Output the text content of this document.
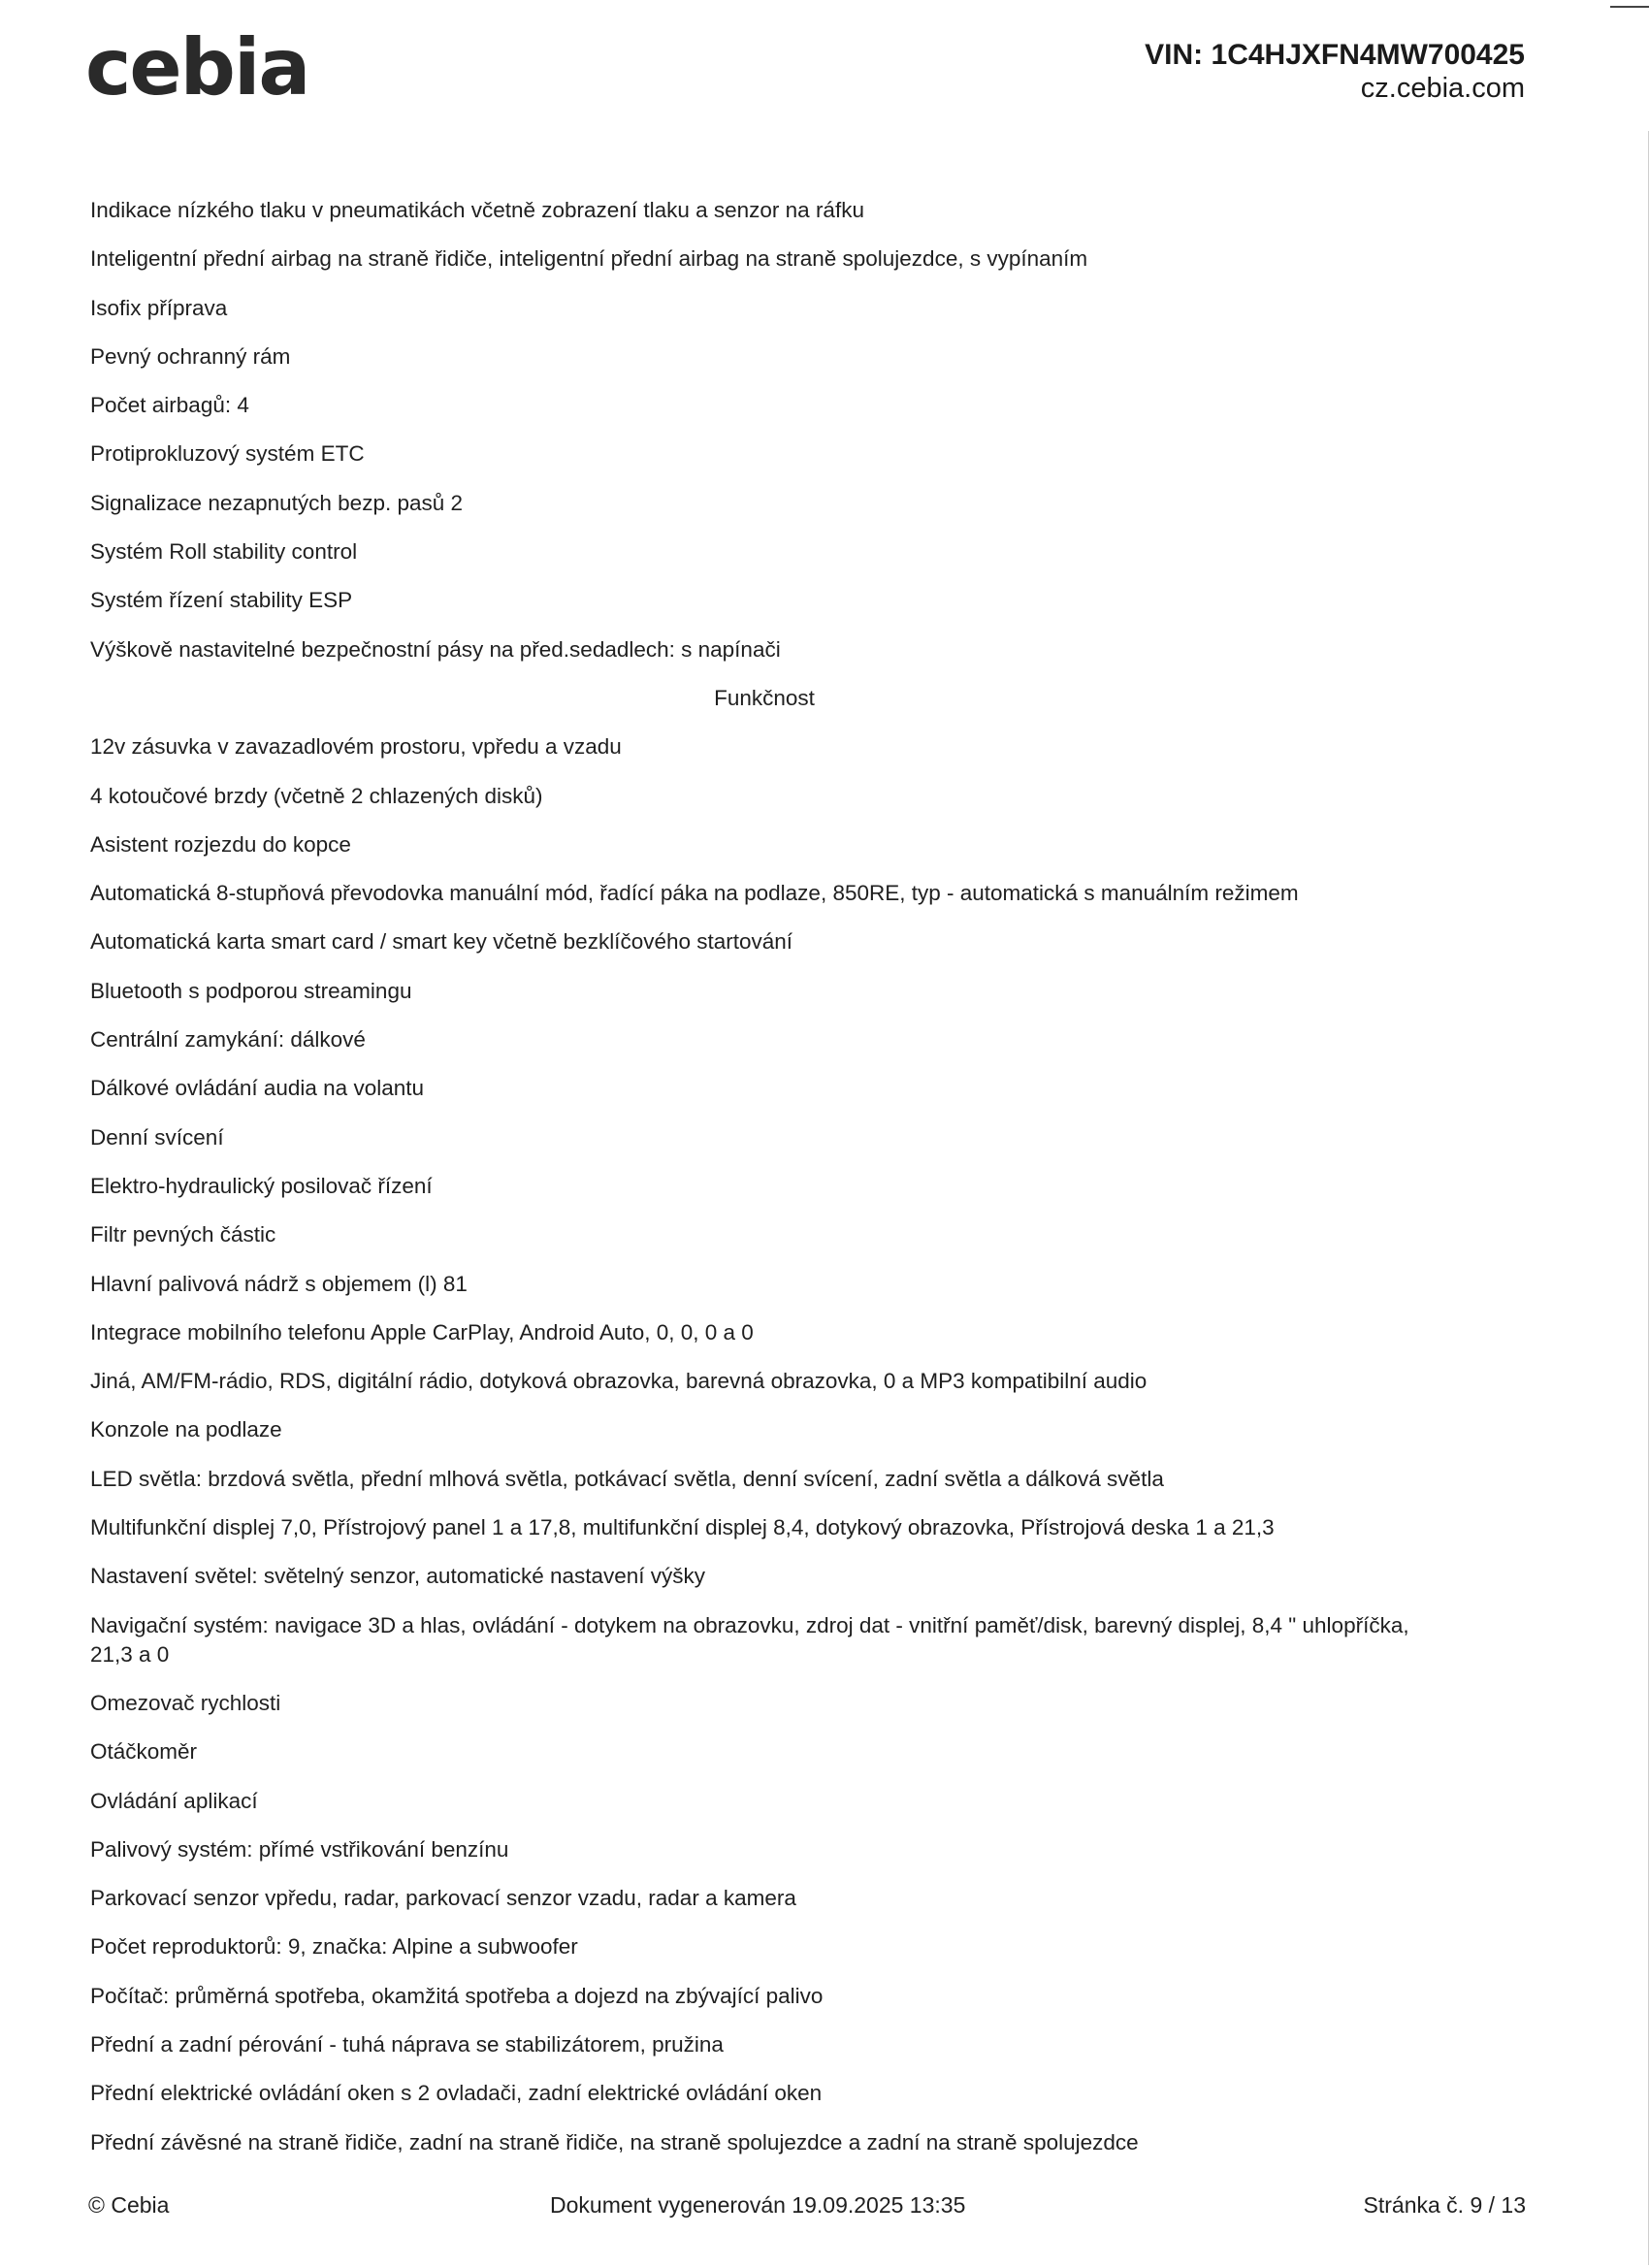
cebia	VIN: 1C4HJXFN4MW700425
cz.cebia.com
Indikace nízkého tlaku v pneumatikách včetně zobrazení tlaku a senzor na ráfku
Inteligentní přední airbag na straně řidiče, inteligentní přední airbag na straně spolujezdce, s vypínaním
Isofix příprava
Pevný ochranný rám
Počet airbagů: 4
Protiprokluzový systém ETC
Signalizace nezapnutých bezp. pasů 2
Systém Roll stability control
Systém řízení stability ESP
Výškově nastavitelné bezpečnostní pásy na před.sedadlech: s napínači
Funkčnost
12v zásuvka v zavazadlovém prostoru, vpředu a vzadu
4 kotoučové brzdy (včetně 2 chlazených disků)
Asistent rozjezdu do kopce
Automatická 8-stupňová převodovka manuální mód, řadící páka na podlaze, 850RE, typ - automatická s manuálním režimem
Automatická karta smart card / smart key včetně bezklíčového startování
Bluetooth s podporou streamingu
Centrální zamykání: dálkové
Dálkové ovládání audia na volantu
Denní svícení
Elektro-hydraulický posilovač řízení
Filtr pevných částic
Hlavní palivová nádrž s objemem (l) 81
Integrace mobilního telefonu Apple CarPlay, Android Auto, 0, 0, 0 a 0
Jiná, AM/FM-rádio, RDS, digitální rádio, dotyková obrazovka, barevná obrazovka, 0 a MP3 kompatibilní audio
Konzole na podlaze
LED světla: brzdová světla, přední mlhová světla, potkávací světla, denní svícení, zadní světla a dálková světla
Multifunkční displej 7,0, Přístrojový panel 1 a 17,8, multifunkční displej 8,4, dotykový obrazovka, Přístrojová deska 1 a 21,3
Nastavení světel: světelný senzor, automatické nastavení výšky
Navigační systém: navigace 3D a hlas, ovládání - dotykem na obrazovku, zdroj dat - vnitřní paměť/disk, barevný displej, 8,4 " uhlopříčka, 21,3 a 0
Omezovač rychlosti
Otáčkoměr
Ovládání aplikací
Palivový systém: přímé vstřikování benzínu
Parkovací senzor vpředu, radar, parkovací senzor vzadu, radar a kamera
Počet reproduktorů: 9, značka: Alpine a subwoofer
Počítač: průměrná spotřeba, okamžitá spotřeba a dojezd na zbývající palivo
Přední a zadní pérování - tuhá náprava se stabilizátorem, pružina
Přední elektrické ovládání oken s 2 ovladači, zadní elektrické ovládání oken
Přední závěsné na straně řidiče, zadní na straně řidiče, na straně spolujezdce a zadní na straně spolujezdce
© Cebia	Dokument vygenerován 19.09.2025 13:35	Stránka č. 9 / 13
